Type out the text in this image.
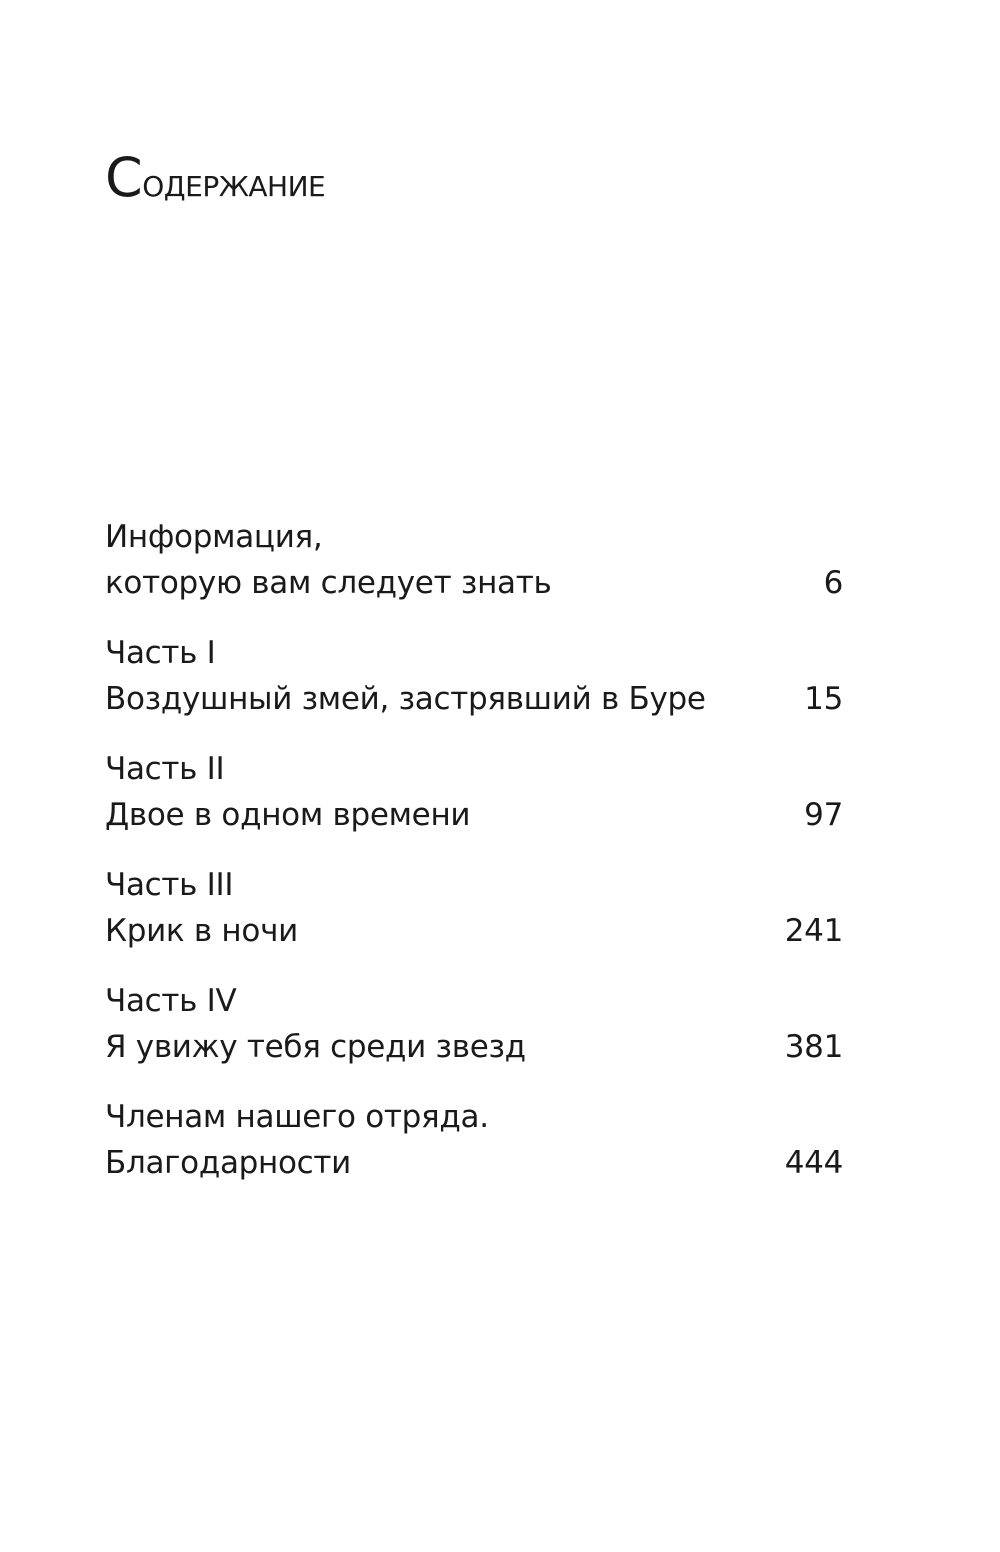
Содержание
Информация,
которую вам следует знать	6
Часть I
Воздушный змей, застрявший в Буре	15
Часть II
Двое в одном времени	97
Часть III
Крик в ночи	241
Часть IV
Я увижу тебя среди звезд	381
Членам нашего отряда.
Благодарности	444
